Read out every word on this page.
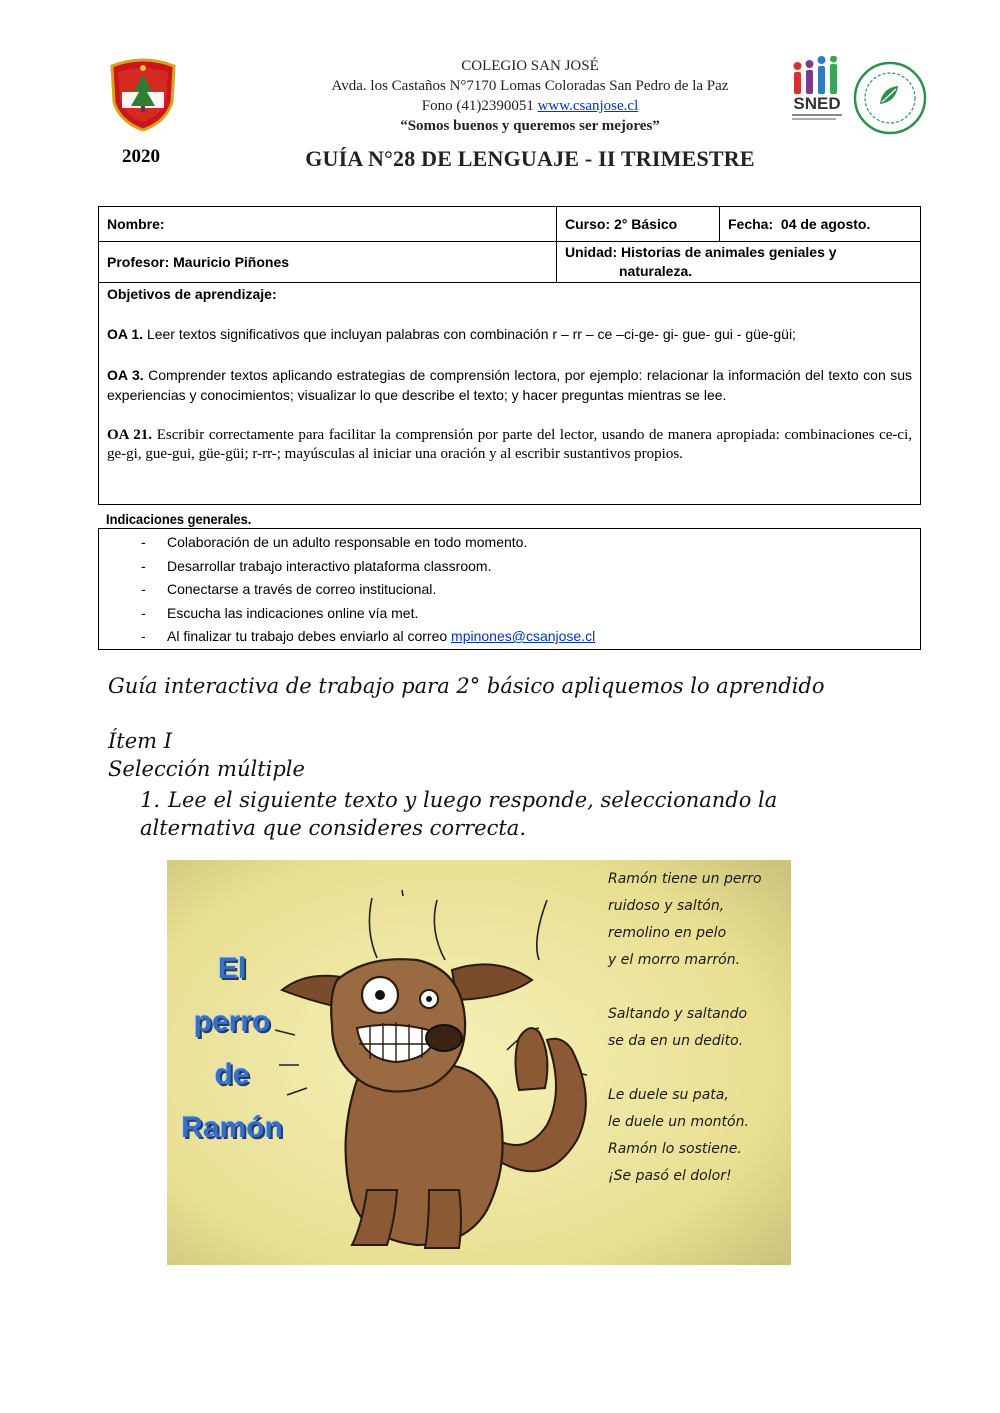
COLEGIO SAN JOSÉ
Avda. los Castaños N°7170 Lomas Coloradas San Pedro de la Paz
Fono (41)2390051 www.csanjose.cl
“Somos buenos y queremos ser mejores”
SNED
2020	GUÍA N°28 DE LENGUAJE - II TRIMESTRE
Nombre:	Curso: 2° Básico	Fecha: 04 de agosto.
Profesor: Mauricio Piñones	Unidad: Historias de animales geniales y
naturaleza.	
Objetivos de aprendizaje:

OA 1. Leer textos significativos que incluyan palabras con combinación r – rr – ce –ci-ge- gi- gue- gui - güe-güi;

OA 3. Comprender textos aplicando estrategias de comprensión lectora, por ejemplo: relacionar la información del texto con sus experiencias y conocimientos; visualizar lo que describe el texto; y hacer preguntas mientras se lee.

OA 21. Escribir correctamente para facilitar la comprensión por parte del lector, usando de manera apropiada: combinaciones ce-ci, ge-gi, gue-gui, güe-güi; r-rr-; mayúsculas al iniciar una oración y al escribir sustantivos propios.

Indicaciones generales.
- Colaboración de un adulto responsable en todo momento.
- Desarrollar trabajo interactivo plataforma classroom.
- Conectarse a través de correo institucional.
- Escucha las indicaciones online vía met.
- Al finalizar tu trabajo debes enviarlo al correo mpinones@csanjose.cl
Guía interactiva de trabajo para 2° básico apliquemos lo aprendido
Ítem I
Selección múltiple
1. Lee el siguiente texto y luego responde, seleccionando la alternativa que consideres correcta.
El
perro
de
Ramón
Ramón tiene un perro
ruidoso y saltón,
remolino en pelo
y el morro marrón.
Saltando y saltando
se da en un dedito.
Le duele su pata,
le duele un montón.
Ramón lo sostiene.
¡Se pasó el dolor!
